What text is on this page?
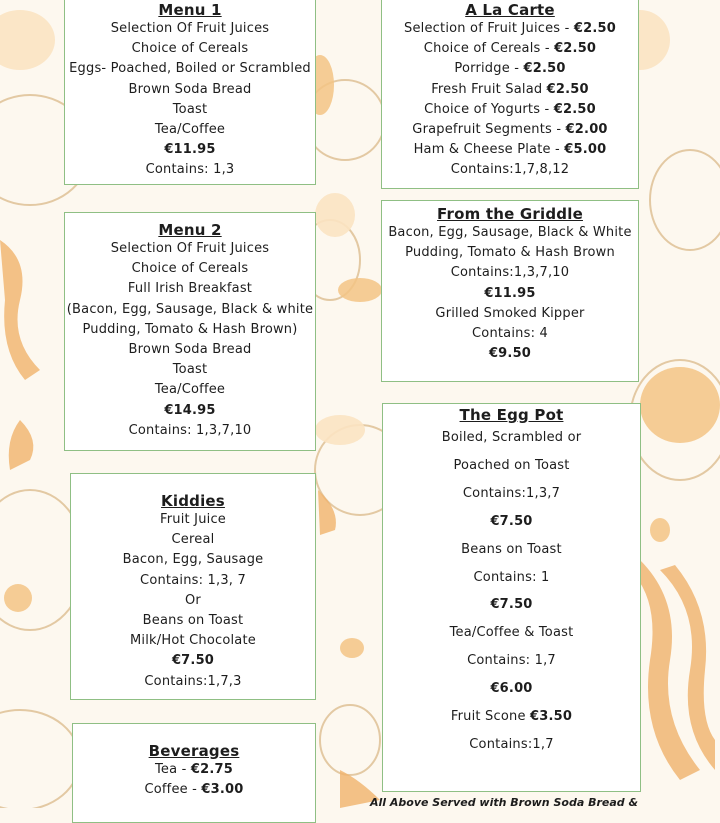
Menu 1
Selection Of Fruit Juices
Choice of Cereals
Eggs- Poached, Boiled or Scrambled
Brown Soda Bread
Toast
Tea/Coffee
€11.95
Contains: 1,3
A La Carte
Selection of Fruit Juices - €2.50
Choice of Cereals - €2.50
Porridge - €2.50
Fresh Fruit Salad €2.50
Choice of Yogurts - €2.50
Grapefruit Segments - €2.00
Ham & Cheese Plate - €5.00
Contains:1,7,8,12
Menu 2
Selection Of Fruit Juices
Choice of Cereals
Full Irish Breakfast
(Bacon, Egg, Sausage, Black & white
Pudding, Tomato & Hash Brown)
Brown Soda Bread
Toast
Tea/Coffee
€14.95
Contains: 1,3,7,10
From the Griddle
Bacon, Egg, Sausage, Black & White
Pudding, Tomato & Hash Brown
Contains:1,3,7,10
€11.95
Grilled Smoked Kipper
Contains: 4
€9.50
Kiddies
Fruit Juice
Cereal
Bacon, Egg, Sausage
Contains: 1,3, 7
Or
Beans on Toast
Milk/Hot Chocolate
€7.50
Contains:1,7,3
The Egg Pot
Boiled, Scrambled or
Poached on Toast
Contains:1,3,7
€7.50
Beans on Toast
Contains: 1
€7.50
Tea/Coffee & Toast
Contains: 1,7
€6.00
Fruit Scone €3.50
Contains:1,7
Beverages
Tea - €2.75
Coffee - €3.00
All Above Served with Brown Soda Bread &
